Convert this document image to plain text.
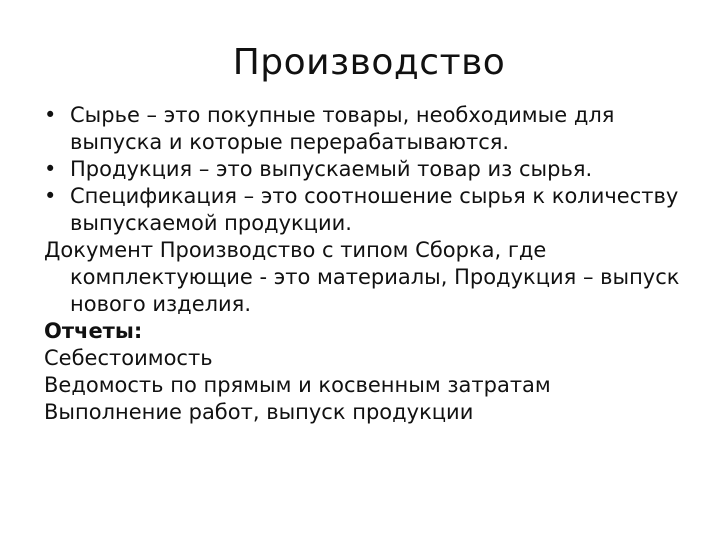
Производство
• Сырье – это покупные товары, необходимые для выпуска и которые перерабатываются.
• Продукция – это выпускаемый товар из сырья.
• Спецификация – это соотношение сырья к количеству выпускаемой продукции.
Документ Производство с типом Сборка, где комплектующие - это материалы, Продукция – выпуск нового изделия.
Отчеты:
Себестоимость
Ведомость по прямым и косвенным затратам
Выполнение работ, выпуск продукции
